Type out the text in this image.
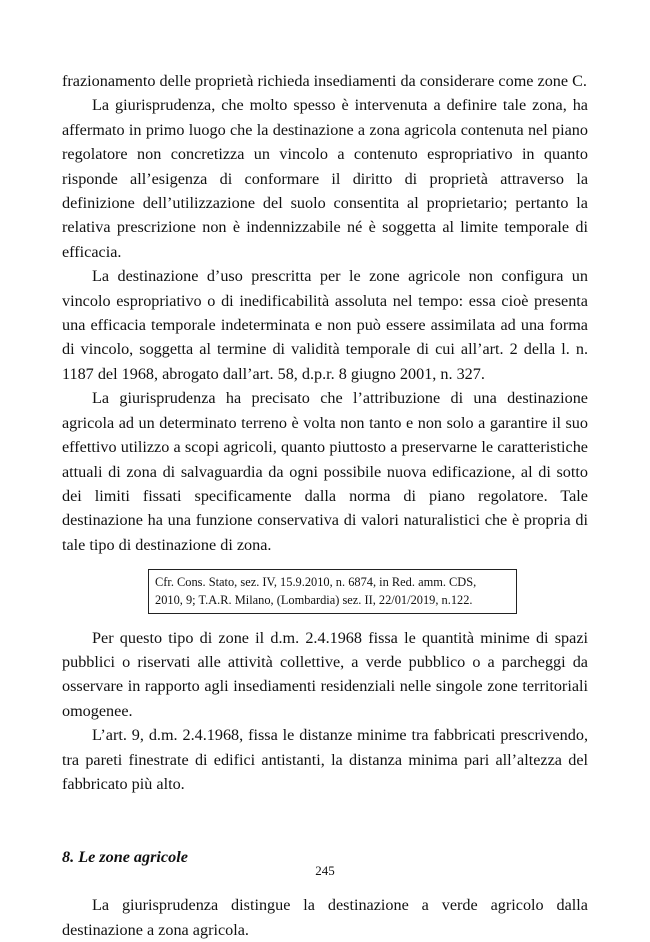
frazionamento delle proprietà richieda insediamenti da considerare come zone C.

La giurisprudenza, che molto spesso è intervenuta a definire tale zona, ha affermato in primo luogo che la destinazione a zona agricola contenuta nel piano regolatore non concretizza un vincolo a contenuto espropriativo in quanto risponde all’esigenza di conformare il diritto di proprietà attraverso la definizione dell’utilizzazione del suolo consentita al proprietario; pertanto la relativa prescrizione non è indennizzabile né è soggetta al limite temporale di efficacia.

La destinazione d’uso prescritta per le zone agricole non configura un vincolo espropriativo o di inedificabilità assoluta nel tempo: essa cioè presenta una efficacia temporale indeterminata e non può essere assimilata ad una forma di vincolo, soggetta al termine di validità temporale di cui all’art. 2 della l. n. 1187 del 1968, abrogato dall’art. 58, d.p.r. 8 giugno 2001, n. 327.

La giurisprudenza ha precisato che l’attribuzione di una destinazione agricola ad un determinato terreno è volta non tanto e non solo a garantire il suo effettivo utilizzo a scopi agricoli, quanto piuttosto a preservarne le caratteristiche attuali di zona di salvaguardia da ogni possibile nuova edificazione, al di sotto dei limiti fissati specificamente dalla norma di piano regolatore. Tale destinazione ha una funzione conservativa di valori naturalistici che è propria di tale tipo di destinazione di zona.

Cfr. Cons. Stato, sez. IV, 15.9.2010, n. 6874, in Red. amm. CDS,
2010, 9; T.A.R. Milano, (Lombardia) sez. II, 22/01/2019, n.122.

Per questo tipo di zone il d.m. 2.4.1968 fissa le quantità minime di spazi pubblici o riservati alle attività collettive, a verde pubblico o a parcheggi da osservare in rapporto agli insediamenti residenziali nelle singole zone territoriali omogenee.

L’art. 9, d.m. 2.4.1968, fissa le distanze minime tra fabbricati prescrivendo, tra pareti finestrate di edifici antistanti, la distanza minima pari all’altezza del fabbricato più alto.

8. Le zone agricole

La giurisprudenza distingue la destinazione a verde agricolo dalla destinazione a zona agricola.

245
